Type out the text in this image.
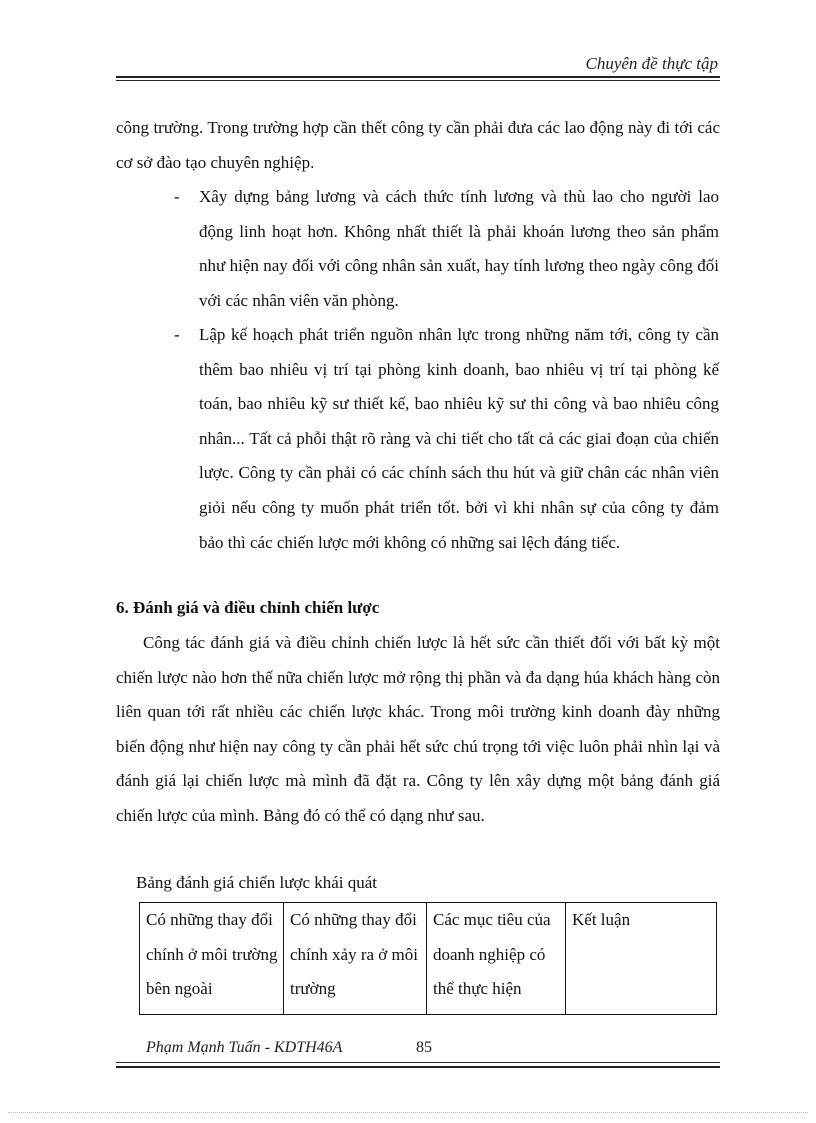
Chuyên đề thực tập
công trường. Trong trường hợp cần thết công ty cần phải đưa các lao động này đi tới các cơ sở đào tạo chuyên nghiệp.
- Xây dựng bảng lương và cách thức tính lương và thù lao cho người lao động linh hoạt hơn. Không nhất thiết là phải khoán lương theo sản phẩm như hiện nay đối với công nhân sản xuất, hay tính lương theo ngày công đối với các nhân viên văn phòng.
- Lập kế hoạch phát triển nguồn nhân lực trong những năm tới, công ty cần thêm bao nhiêu vị trí tại phòng kinh doanh, bao nhiêu vị trí tại phòng kế toán, bao nhiêu kỹ sư thiết kế, bao nhiêu kỹ sư thi công và bao nhiêu công nhân... Tất cả phỗi thật rõ ràng và chi tiết cho tất cả các giai đoạn của chiến lược. Công ty cần phải có các chính sách thu hút và giữ chân các nhân viên giỏi nếu công ty muốn phát triển tốt. bởi vì khi nhân sự của công ty đảm bảo thì các chiến lược mới không có những sai lệch đáng tiếc.
6. Đánh giá và điều chỉnh chiến lược
Công tác đánh giá và điều chỉnh chiến lược là hết sức cần thiết đối với bất kỳ một chiến lược nào hơn thế nữa chiến lược mở rộng thị phần và đa dạng húa khách hàng còn liên quan tới rất nhiều các chiến lược khác. Trong môi trường kinh doanh đày những biến động như hiện nay công ty cần phải hết sức chú trọng tới việc luôn phải nhìn lại và đánh giá lại chiến lược mà mình đã đặt ra. Công ty lên xây dựng một bảng đánh giá chiến lược của mình. Bảng đó có thể có dạng như sau.
Bảng đánh giá chiến lược khái quát
Có những thay đổi chính ở môi trường bên ngoài	Có những thay đổi chính xảy ra ở môi trường	Các mục tiêu của doanh nghiệp có thể thực hiện	Kết luận
Phạm Mạnh Tuấn - KDTH46A	85
